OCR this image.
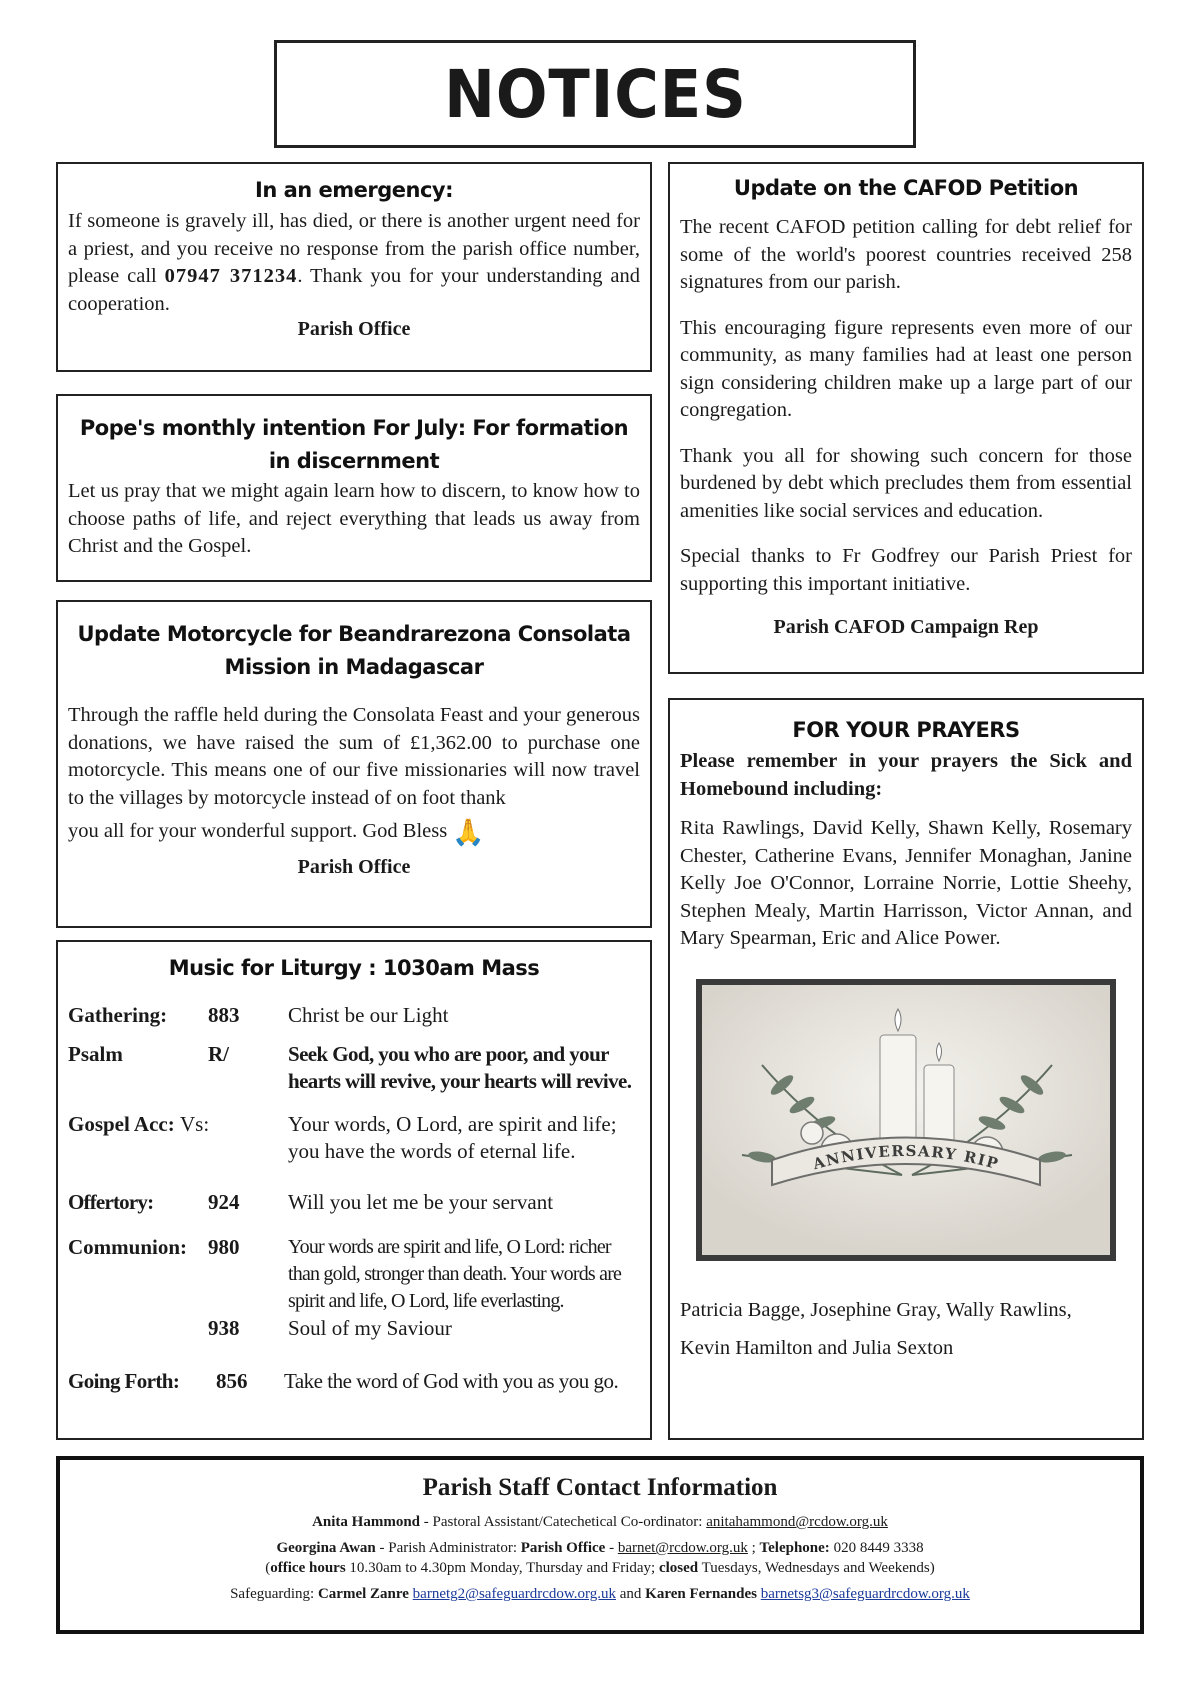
NOTICES
In an emergency:

If someone is gravely ill, has died, or there is another urgent need for a priest, and you receive no response from the parish office number, please call 07947 371234. Thank you for your understanding and cooperation.

Parish Office
Pope's monthly intention For July: For formation in discernment

Let us pray that we might again learn how to discern, to know how to choose paths of life, and reject everything that leads us away from Christ and the Gospel.

Update Motorcycle for Beandrarezona Consolata Mission in Madagascar

Through the raffle held during the Consolata Feast and your generous donations, we have raised the sum of £1,362.00 to purchase one motorcycle. This means one of our five missionaries will now travel to the villages by motorcycle instead of on foot thank

you all for your wonderful support. God Bless 🙏

Parish Office
Music for Liturgy : 1030am Mass
Gathering: 883 Christ be our Light
Psalm	R/	Seek God, you who are poor, and your hearts will revive, your hearts will revive.
Gospel Acc: Vs:	Your words, O Lord, are spirit and life; you have the words of eternal life.
Offertory:	924 Will you let me be your servant
Communion: 980 Your words are spirit and life, O Lord: richer than gold, stronger than death. Your words are spirit and life, O Lord, life everlasting.
938 Soul of my Saviour
Going Forth: 856 Take the word of God with you as you go.
Update on the CAFOD Petition

The recent CAFOD petition calling for debt relief for some of the world's poorest countries received 258 signatures from our parish.

This encouraging figure represents even more of our community, as many families had at least one person sign considering children make up a large part of our congregation.

Thank you all for showing such concern for those burdened by debt which precludes them from essential amenities like social services and education.

Special thanks to Fr Godfrey our Parish Priest for supporting this important initiative.

Parish CAFOD Campaign Rep
FOR YOUR PRAYERS

Please remember in your prayers the Sick and Homebound including:

Rita Rawlings, David Kelly, Shawn Kelly, Rosemary Chester, Catherine Evans, Jennifer Monaghan, Janine Kelly Joe O'Connor, Lorraine Norrie, Lottie Sheehy, Stephen Mealy, Martin Harrisson, Victor Annan, and Mary Spearman, Eric and Alice Power.

ANNIVERSARY RIP

Patricia Bagge, Josephine Gray, Wally Rawlins,
Kevin Hamilton and Julia Sexton

Parish Staff Contact Information
Anita Hammond - Pastoral Assistant/Catechetical Co-ordinator: anitahammond@rcdow.org.uk
Georgina Awan - Parish Administrator: Parish Office - barnet@rcdow.org.uk ; Telephone: 020 8449 3338
(office hours 10.30am to 4.30pm Monday, Thursday and Friday; closed Tuesdays, Wednesdays and Weekends)
Safeguarding: Carmel Zanre barnetg2@safeguardrcdow.org.uk and Karen Fernandes barnetsg3@safeguardrcdow.org.uk
